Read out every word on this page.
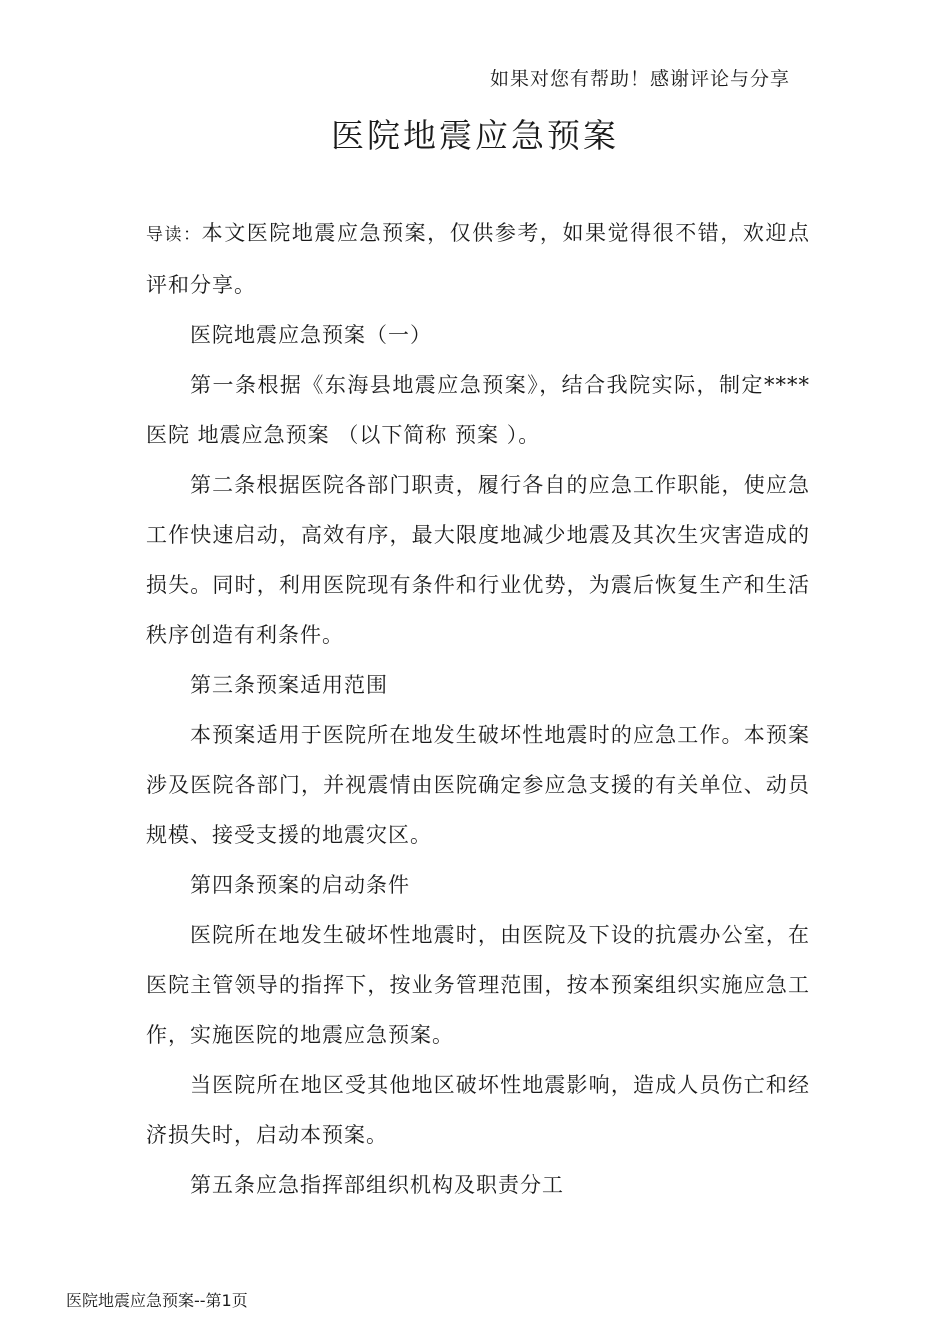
如果对您有帮助！感谢评论与分享
医院地震应急预案

导读：本文医院地震应急预案，仅供参考，如果觉得很不错，欢迎点评和分享。

医院地震应急预案（一）

第一条根据《东海县地震应急预案》，结合我院实际，制定****医院 地震应急预案 （以下简称 预案 ）。

第二条根据医院各部门职责，履行各自的应急工作职能，使应急工作快速启动，高效有序，最大限度地减少地震及其次生灾害造成的损失。同时，利用医院现有条件和行业优势，为震后恢复生产和生活秩序创造有利条件。

第三条预案适用范围

本预案适用于医院所在地发生破坏性地震时的应急工作。本预案涉及医院各部门，并视震情由医院确定参应急支援的有关单位、动员规模、接受支援的地震灾区。

第四条预案的启动条件

医院所在地发生破坏性地震时，由医院及下设的抗震办公室，在医院主管领导的指挥下，按业务管理范围，按本预案组织实施应急工作，实施医院的地震应急预案。

当医院所在地区受其他地区破坏性地震影响，造成人员伤亡和经济损失时，启动本预案。

第五条应急指挥部组织机构及职责分工

医院地震应急预案--第1页
